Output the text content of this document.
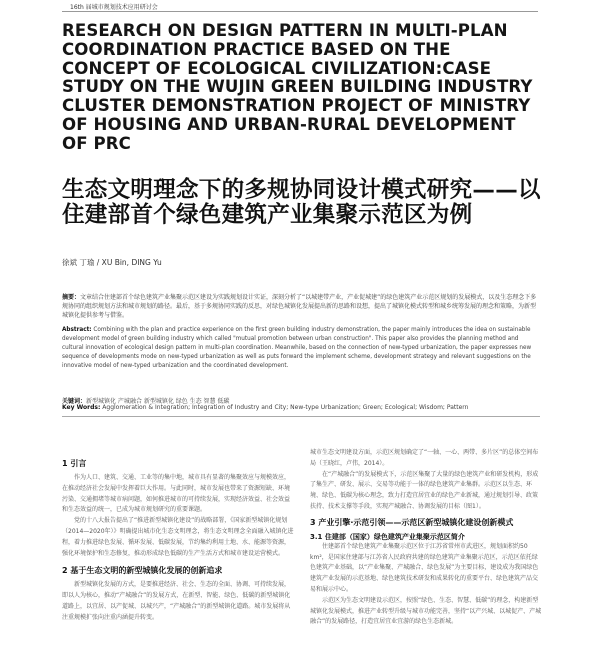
16th 届城市规划技术应用研讨会
RESEARCH ON DESIGN PATTERN IN MULTI-PLAN COORDINATION PRACTICE BASED ON THE CONCEPT OF ECOLOGICAL CIVILIZATION:CASE STUDY ON THE WUJIN GREEN BUILDING INDUSTRY CLUSTER DEMONSTRATION PROJECT OF MINISTRY OF HOUSING AND URBAN-RURAL DEVELOPMENT OF PRC
生态文明理念下的多规协同设计模式研究——以住建部首个绿色建筑产业集聚示范区为例
徐斌 丁瑜 / XU Bin, DING Yu

摘要：文章结合住建部首个绿色建筑产业集聚示范区建设为实践规划设计实证，深刻分析了“以城建带产业，产业促城建”的绿色建筑产业示范区规划的发展模式，以及生态理念下多规协同的组织规划方法和城市规划的路径。最后，基于多规协同实践的反思，对绿色城镇化发展提出新的思路和设想，提出了城镇化模式转型和城乡统筹发展的理念和策略，为新型城镇化提供参考与借鉴。

Abstract: Combining with the plan and practice experience on the first green building industry demonstration, the paper mainly introduces the idea on sustainable development model of green building industry which called "mutual promotion between urban construction". This paper also provides the planning method and cultural innovation of ecological design pattern in multi-plan coordination. Meanwhile, based on the connection of new-typed urbanization, the paper expresses new sequence of developments mode on new-typed urbanization as well as puts forward the implement scheme, development strategy and relevant suggestions on the innovative model of new-typed urbanization and the coordinated development.

关键词：新型城镇化 产城融合 新型城镇化 绿色 生态 智慧 低碳
Key Words: Agglomeration & Integration; Integration of Industry and City; New-type Urbanization; Green; Ecological; Wisdom; Pattern

1 引言

作为人口、建筑、交通、工业等的集中地，城市具有显著的集聚效应与规模效应，在推动经济社会发展中发挥着巨大作用。与此同时，城市发展也带来了资源短缺、环境污染、交通拥堵等城市病问题，如何推进城市的可持续发展，实现经济效益、社会效益和生态效益的统一，已成为城市规划研究的重要课题。

党的十八大报告提出了“推进新型城镇化建设”的战略部署，《国家新型城镇化规划（2014—2020年）》明确提出城市化生态文明理念，将生态文明理念全面融入城镇化进程，着力推进绿色发展、循环发展、低碳发展，节约集约利用土地、水、能源等资源，强化环境保护和生态修复，推动形成绿色低碳的生产生活方式和城市建设运营模式。

2 基于生态文明的新型城镇化发展的创新追求

新型城镇化发展的方式，是要推进经济、社会、生态的全面、协调、可持续发展，即以人为核心，推动“产城融合”的发展方式，在新型、智能、绿色、低碳的新型城镇化道路上，以宜居、以产促城、以城兴产，“产城融合”的新型城镇化道路。城市发展将从注重规模扩张向注重内涵提升转变。

城市生态文明建设方面，示范区规划确定了“一轴、一心、两带、多片区”的总体空间布局（王晓红，卢伟，2014）。

在“产城融合”的发展模式下，示范区集聚了大量的绿色建筑产业和研发机构，形成了集生产、研发、展示、交易等功能于一体的绿色建筑产业集群。示范区以生态、环境、绿色、低碳为核心理念，致力打造宜居宜业的绿色产业新城，通过规划引导、政策扶持、技术支撑等手段，实现产城融合、协调发展的目标（图1）。

3 产业引擎·示范引领——示范区新型城镇化建设创新模式

3.1 住建部（国家）绿色建筑产业集聚示范区简介

住建部首个绿色建筑产业集聚示范区位于江苏省常州市武进区，规划面积约50 km²，是国家住建部与江苏省人民政府共建的绿色建筑产业集聚示范区，示范区依托绿色建筑产业基础，以“产业集聚、产城融合、绿色发展”为主要目标，建设成为我国绿色建筑产业发展的示范基地、绿色建筑技术研发和成果转化的重要平台、绿色建筑产品交易和展示中心。

示范区为生态文明建设示范区，按照“绿色、生态、智慧、低碳”的理念，构建新型城镇化发展模式，推进产业转型升级与城市功能完善，坚持“以产兴城、以城促产、产城融合”的发展路径，打造宜居宜业宜游的绿色生态新城。
